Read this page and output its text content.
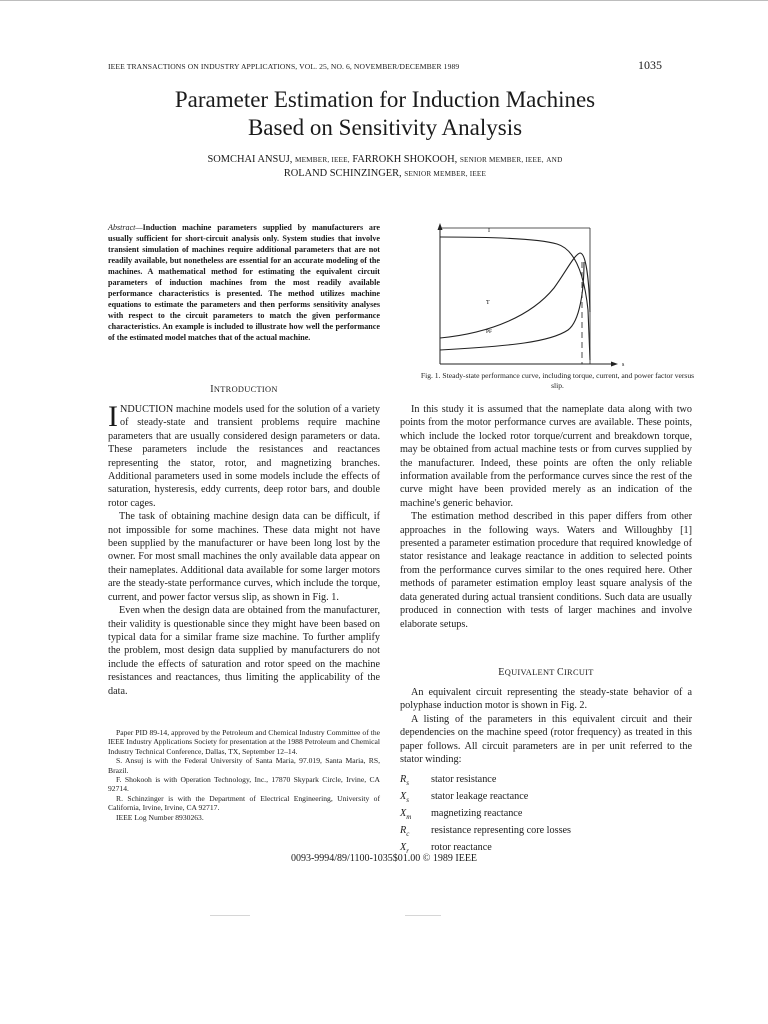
IEEE TRANSACTIONS ON INDUSTRY APPLICATIONS, VOL. 25, NO. 6, NOVEMBER/DECEMBER 1989	1035
Parameter Estimation for Induction Machines
Based on Sensitivity Analysis
SOMCHAI ANSUJ, MEMBER, IEEE, FARROKH SHOKOOH, SENIOR MEMBER, IEEE, AND
ROLAND SCHINZINGER, SENIOR MEMBER, IEEE
Abstract—Induction machine parameters supplied by manufacturers are usually sufficient for short-circuit analysis only. System studies that involve transient simulation of machines require additional parameters that are not readily available, but nonetheless are essential for an accurate modeling of the machines. A mathematical method for estimating the equivalent circuit parameters of induction machines from the most readily available performance characteristics is presented. The method utilizes machine equations to estimate the parameters and then performs sensitivity analyses with respect to the circuit parameters to match the given performance characteristics. An example is included to illustrate how well the performance of the estimated model matches that of the actual machine.
INTRODUCTION

INDUCTION machine models used for the solution of a variety of steady-state and transient problems require machine parameters that are usually considered design parameters or data. These parameters include the resistances and reactances representing the stator, rotor, and magnetizing branches. Additional parameters used in some models include the effects of saturation, hysteresis, eddy currents, deep rotor bars, and double rotor cages.

The task of obtaining machine design data can be difficult, if not impossible for some machines. These data might not have been supplied by the manufacturer or have been long lost by the owner. For most small machines the only available data appear on their nameplates. Additional data available for some larger motors are the steady-state performance curves, which include the torque, current, and power factor versus slip, as shown in Fig. 1.

Even when the design data are obtained from the manufacturer, their validity is questionable since they might have been based on typical data for a similar frame size machine. To further amplify the problem, most design data supplied by manufacturers do not include the effects of saturation and rotor speed on the machine resistances and reactances, thus limiting the applicability of the data.

Paper PID 89-14, approved by the Petroleum and Chemical Industry Committee of the IEEE Industry Applications Society for presentation at the 1988 Petroleum and Chemical Industry Technical Conference, Dallas, TX, September 12–14.

S. Ansuj is with the Federal University of Santa Maria, 97.019, Santa Maria, RS, Brazil.

F. Shokooh is with Operation Technology, Inc., 17870 Skypark Circle, Irvine, CA 92714.

R. Schinzinger is with the Department of Electrical Engineering, University of California, Irvine, Irvine, CA 92717.

IEEE Log Number 8930263.

I
T
PF
s
Fig. 1. Steady-state performance curve, including torque, current, and power factor versus slip.

In this study it is assumed that the nameplate data along with two points from the motor performance curves are available. These points, which include the locked rotor torque/current and breakdown torque, may be obtained from actual machine tests or from curves supplied by the manufacturer. Indeed, these points are often the only reliable information available from the performance curves since the rest of the curve might have been provided merely as an indication of the machine's generic behavior.

The estimation method described in this paper differs from other approaches in the following ways. Waters and Willoughby [1] presented a parameter estimation procedure that required knowledge of stator resistance and leakage reactance in addition to selected points from the performance curves similar to the ones required here. Other methods of parameter estimation employ least square analysis of the data generated during actual transient conditions. Such data are usually produced in connection with tests of larger machines and involve elaborate setups.

EQUIVALENT CIRCUIT

An equivalent circuit representing the steady-state behavior of a polyphase induction motor is shown in Fig. 2.

A listing of the parameters in this equivalent circuit and their dependencies on the machine speed (rotor frequency) as treated in this paper follows. All circuit parameters are in per unit referred to the stator winding:

$R_s$	stator resistance
$X_s$	stator leakage reactance
$X_m$	magnetizing reactance
$R_c$	resistance representing core losses
$X_r$	rotor reactance
0093-9994/89/1100-1035$01.00 © 1989 IEEE
